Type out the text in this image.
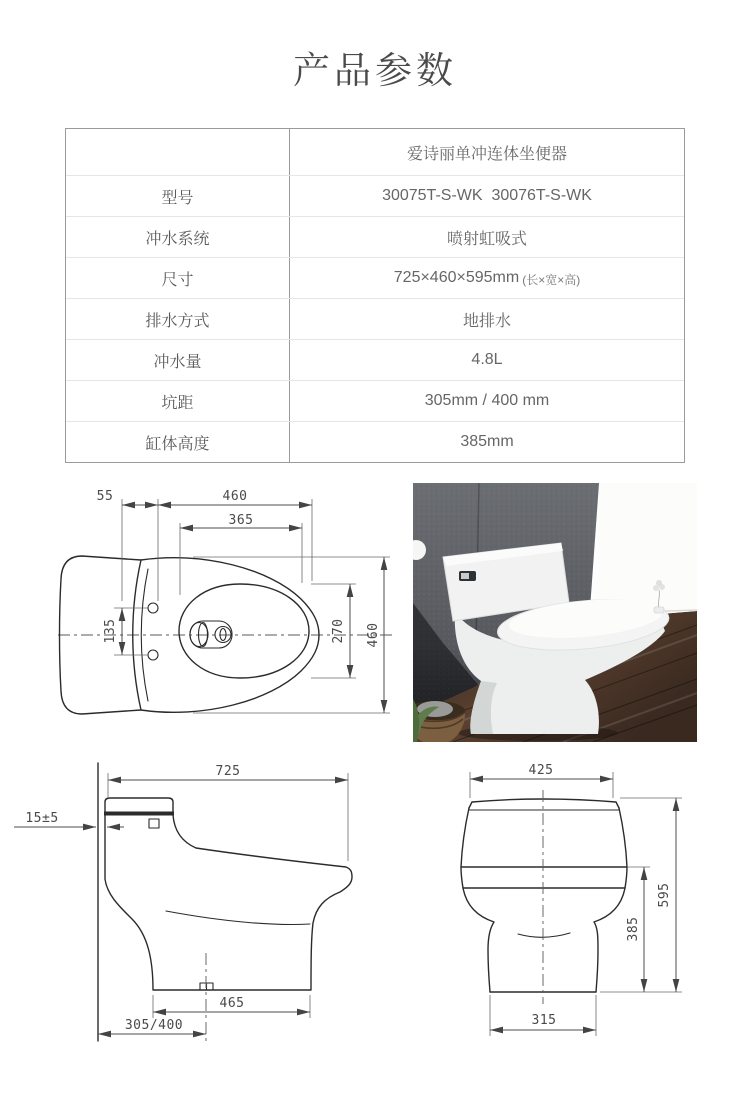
产品参数
爱诗丽单冲连体坐便器
型号	30075T-S-WK  30076T-S-WK
冲水系统	喷射虹吸式
尺寸	725×460×595mm (长×宽×高)
排水方式	地排水
冲水量	4.8L
坑距	305mm / 400 mm
缸体高度	385mm
55	460
365
135	270 460
725
15±5
465
305/400
425
595
385
315
